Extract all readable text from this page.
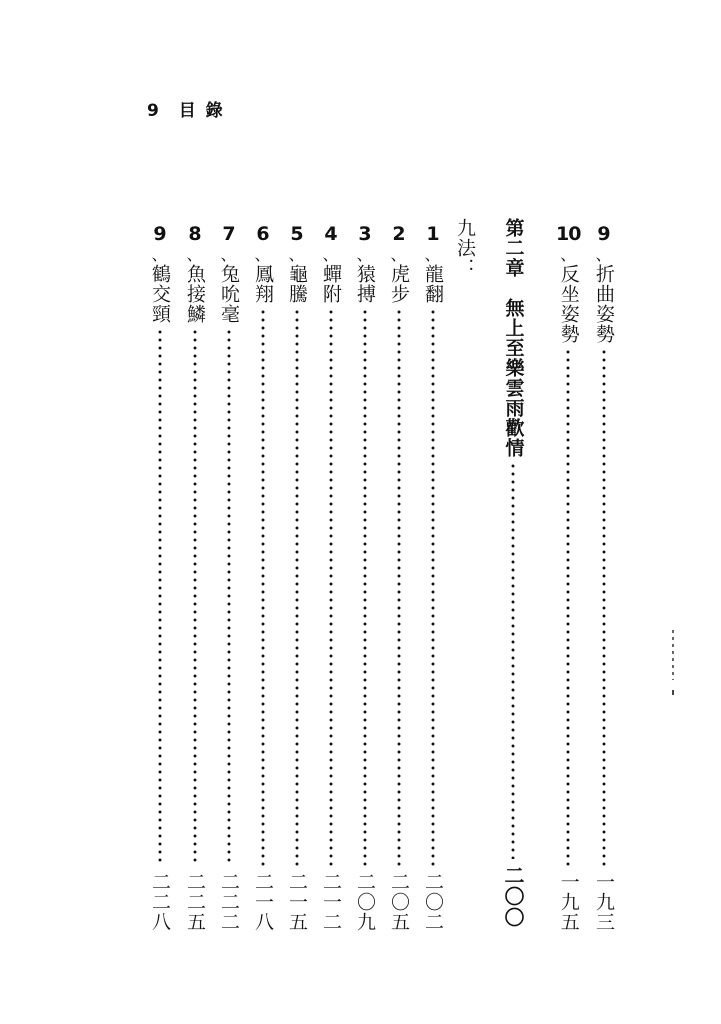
9 目 錄
9
、
折曲姿勢
一九三
10
、
反坐姿勢
一九五
第二章　無上至樂雲雨歡情
二〇〇
九法：
1
、
龍翻
二〇二
2
、
虎步
二〇五
3
、
猿搏
二〇九
4
、
蟬附
二一二
5
、
龜騰
二一五
6
、
鳳翔
二一八
7
、
兔吮毫
二二二
8
、
魚接鱗
二二五
9
、
鶴交頸
二二八
